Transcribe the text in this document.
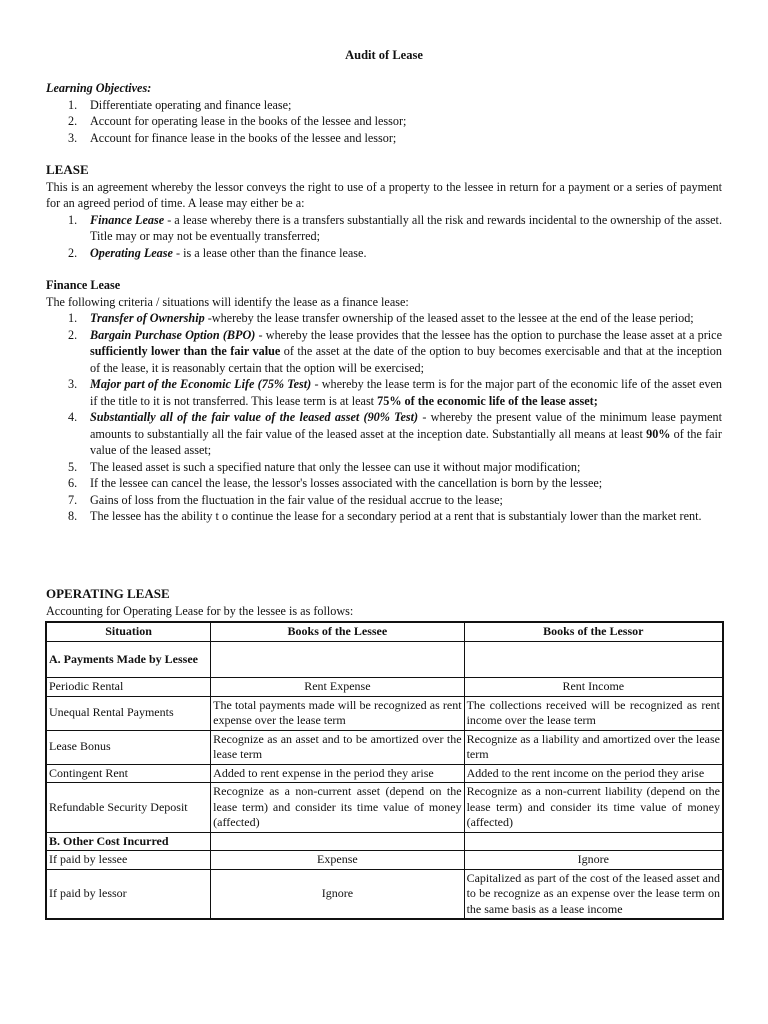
Audit of Lease
Learning Objectives:
1. Differentiate operating and finance lease;
2. Account for operating lease in the books of the lessee and lessor;
3. Account for finance lease in the books of the lessee and lessor;
LEASE

This is an agreement whereby the lessor conveys the right to use of a property to the lessee in return for a payment or a series of payment for an agreed period of time. A lease may either be a:

1. Finance Lease - a lease whereby there is a transfers substantially all the risk and rewards incidental to the ownership of the asset. Title may or may not be eventually transferred;
2. Operating Lease - is a lease other than the finance lease.
Finance Lease

The following criteria / situations will identify the lease as a finance lease:

1. Transfer of Ownership -whereby the lease transfer ownership of the leased asset to the lessee at the end of the lease period;
2. Bargain Purchase Option (BPO) - whereby the lease provides that the lessee has the option to purchase the lease asset at a price sufficiently lower than the fair value of the asset at the date of the option to buy becomes exercisable and that at the inception of the lease, it is reasonably certain that the option will be exercised;
3. Major part of the Economic Life (75% Test) - whereby the lease term is for the major part of the economic life of the asset even if the title to it is not transferred. This lease term is at least 75% of the economic life of the lease asset;
4. Substantially all of the fair value of the leased asset (90% Test) - whereby the present value of the minimum lease payment amounts to substantially all the fair value of the leased asset at the inception date. Substantially all means at least 90% of the fair value of the leased asset;
5. The leased asset is such a specified nature that only the lessee can use it without major modification;
6. If the lessee can cancel the lease, the lessor's losses associated with the cancellation is born by the lessee;
7. Gains of loss from the fluctuation in the fair value of the residual accrue to the lease;
8. The lessee has the ability t o continue the lease for a secondary period at a rent that is substantialy lower than the market rent.
OPERATING LEASE

Accounting for Operating Lease for by the lessee is as follows:

Situation	Books of the Lessee	Books of the Lessor
A. Payments Made by Lessee		
Periodic Rental	Rent Expense	Rent Income
Unequal Rental Payments	The total payments made will be recognized as rent expense over the lease term	The collections received will be recognized as rent income over the lease term
Lease Bonus	Recognize as an asset and to be amortized over the lease term	Recognize as a liability and amortized over the lease term
Contingent Rent	Added to rent expense in the period they arise	Added to the rent income on the period they arise
Refundable Security Deposit	Recognize as a non-current asset (depend on the lease term) and consider its time value of money (affected)	Recognize as a non-current liability (depend on the lease term) and consider its time value of money (affected)
B. Other Cost Incurred		
If paid by lessee	Expense	Ignore
If paid by lessor	Ignore	Capitalized as part of the cost of the leased asset and to be recognize as an expense over the lease term on the same basis as a lease income
